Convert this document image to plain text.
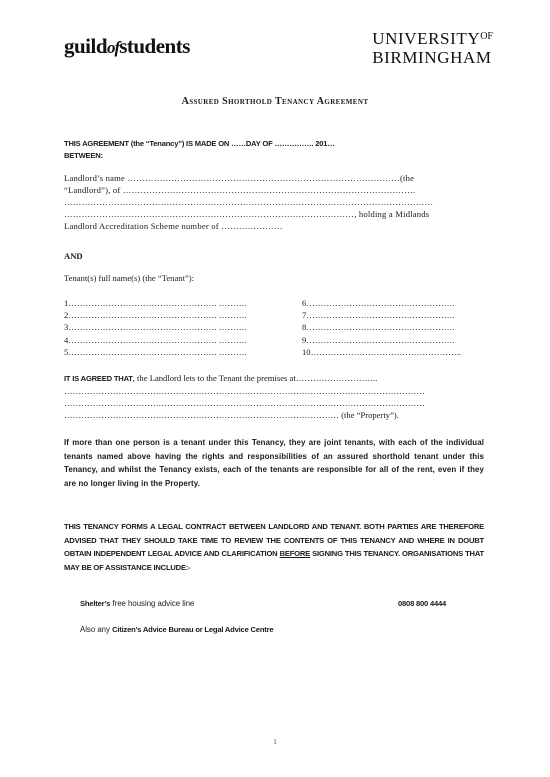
guildofstudents	$UNIVERSITY^{OF}$
BIRMINGHAM
Assured Shorthold Tenancy Agreement
THIS AGREEMENT (the “Tenancy”) IS MADE ON ……DAY OF ……………. 201…
BETWEEN:
Landlord’s name …………………………………………………………………………………(the
“Landlord”), of ……………………………………………………………………………………….
………………………………………………………………………………………………………………
………………………………………………………………………………………, holding a Midlands
Landlord Accreditation Scheme number of …………………
AND
Tenant(s) full name(s) (the “Tenant”):
1……………………………………………. ……….	6…………………………………………….
2……………………………………………. ……….	7…………………………………………….
3……………………………………………. ……….	8…………………………………………….
4……………………………………………. ……….	9…………………………………………….
5……………………………………………. ……….	10……………………………………………..
IT IS AGREED THAT, the Landlord lets to the Tenant the premises at………………………..
………………………………………………………………………………………………………………
………………………………………………………………………………………………………………
…………………………………………………………………………………… (the “Property”).
If more than one person is a tenant under this Tenancy, they are joint tenants, with each of the individual tenants named above having the rights and responsibilities of an assured shorthold tenant under this Tenancy, and whilst the Tenancy exists, each of the tenants are responsible for all of the rent, even if they are no longer living in the Property.
THIS TENANCY FORMS A LEGAL CONTRACT BETWEEN LANDLORD AND TENANT. BOTH PARTIES ARE THEREFORE ADVISED THAT THEY SHOULD TAKE TIME TO REVIEW THE CONTENTS OF THIS TENANCY AND WHERE IN DOUBT OBTAIN INDEPENDENT LEGAL ADVICE AND CLARIFICATION BEFORE SIGNING THIS TENANCY. ORGANISATIONS THAT MAY BE OF ASSISTANCE INCLUDE:-
Shelter’s free housing advice line	0808 800 4444
Also any Citizen’s Advice Bureau or Legal Advice Centre
1
